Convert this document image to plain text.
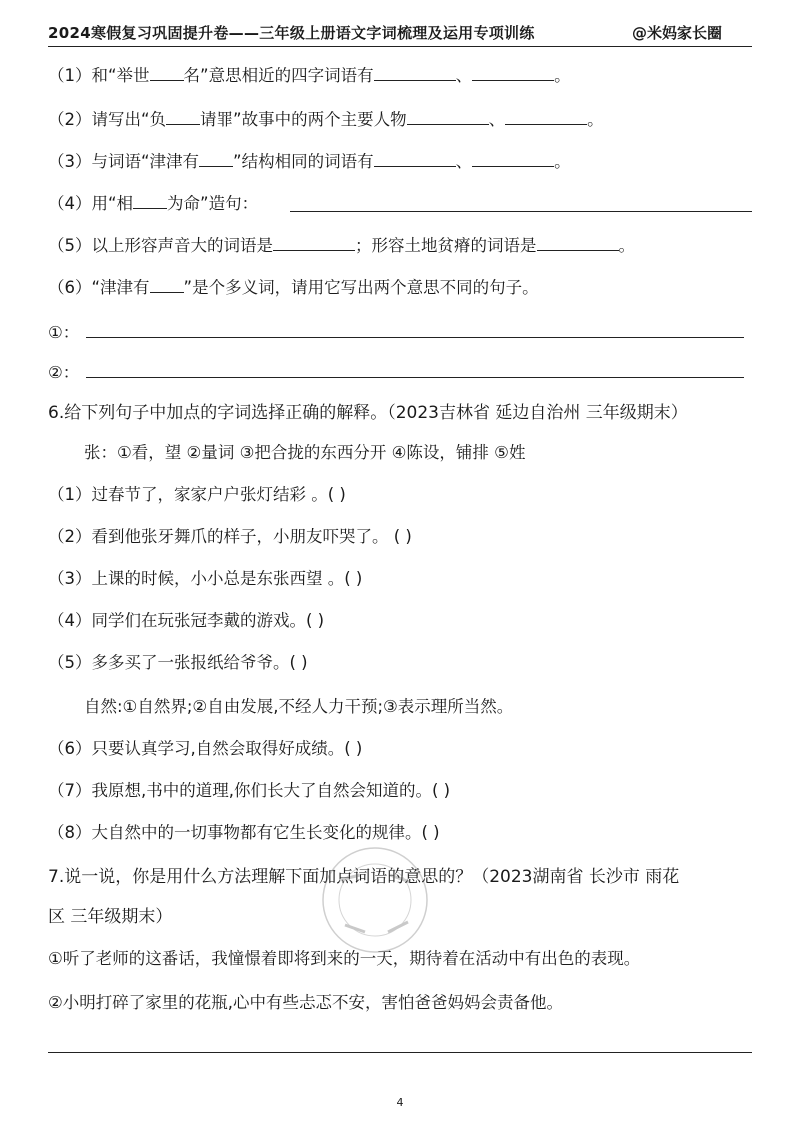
2024寒假复习巩固提升卷——三年级上册语文字词梳理及运用专项训练	@米妈家长圈
（1）和“举世 名”意思相近的四字词语有	、	。
（2）请写出“负 请罪”故事中的两个主要人物	、	。
（3）与词语“津津有 ”结构相同的词语有	、	。
（4）用“相 为命”造句：
（5）以上形容声音大的词语是	；形容土地贫瘠的词语是	。
（6）“津津有 ”是个多义词，请用它写出两个意思不同的句子。
①：
②：
6.给下列句子中加点的字词选择正确的解释。（2023吉林省 延边自治州 三年级期末）
张：①看，望 ②量词 ③把合拢的东西分开 ④陈设，铺排 ⑤姓
（1）过春节了，家家户户张灯结彩 。( )
（2）看到他张牙舞爪的样子，小朋友吓哭了。 ( )
（3）上课的时候，小小总是东张西望 。( )
（4）同学们在玩张冠李戴的游戏。( )
（5）多多买了一张报纸给爷爷。( )
自然:①自然界;②自由发展,不经人力干预;③表示理所当然。
（6）只要认真学习,自然会取得好成绩。( )
（7）我原想,书中的道理,你们长大了自然会知道的。( )
（8）大自然中的一切事物都有它生长变化的规律。( )
7.说一说，你是用什么方法理解下面加点词语的意思的？（2023湖南省 长沙市 雨花
区 三年级期末）
①听了老师的这番话，我憧憬着即将到来的一天，期待着在活动中有出色的表现。
②小明打碎了家里的花瓶,心中有些忐忑不安，害怕爸爸妈妈会责备他。
4
